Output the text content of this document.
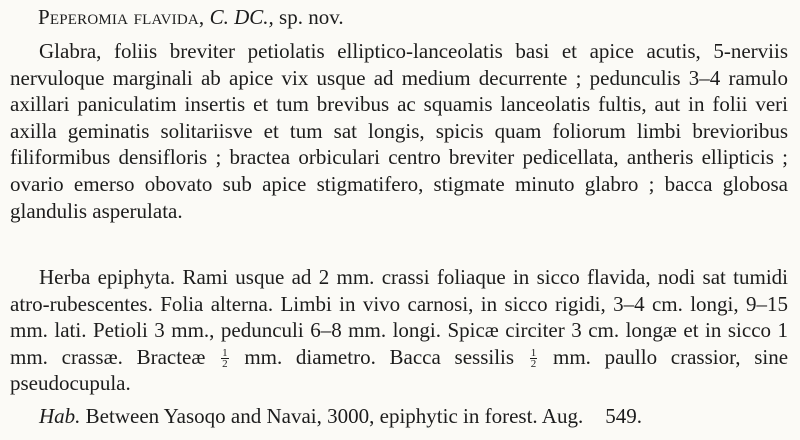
Peperomia flavida, C. DC., sp. nov.

Glabra, foliis breviter petiolatis elliptico-lanceolatis basi et apice acutis, 5-nerviis nervuloque marginali ab apice vix usque ad medium decurrente ; pedunculis 3–4 ramulo axillari paniculatim insertis et tum brevibus ac squamis lanceolatis fultis, aut in folii veri axilla geminatis solitariisve et tum sat longis, spicis quam foliorum limbi brevioribus filiformibus densifloris ; bractea orbiculari centro breviter pedicellata, antheris ellipticis ; ovario emerso obovato sub apice stigmatifero, stigmate minuto glabro ; bacca globosa glandulis asperulata.

Herba epiphyta. Rami usque ad 2 mm. crassi foliaque in sicco flavida, nodi sat tumidi atro-rubescentes. Folia alterna. Limbi in vivo carnosi, in sicco rigidi, 3–4 cm. longi, 9–15 mm. lati. Petioli 3 mm., pedunculi 6–8 mm. longi. Spicæ circiter 3 cm. longæ et in sicco 1 mm. crassæ. Bracteæ $\frac{1}{2}$ mm. diametro. Bacca sessilis $\frac{1}{2}$ mm. paullo crassior, sine pseudocupula.

Hab. Between Yasoqo and Navai, 3000, epiphytic in forest. Aug. 549.
